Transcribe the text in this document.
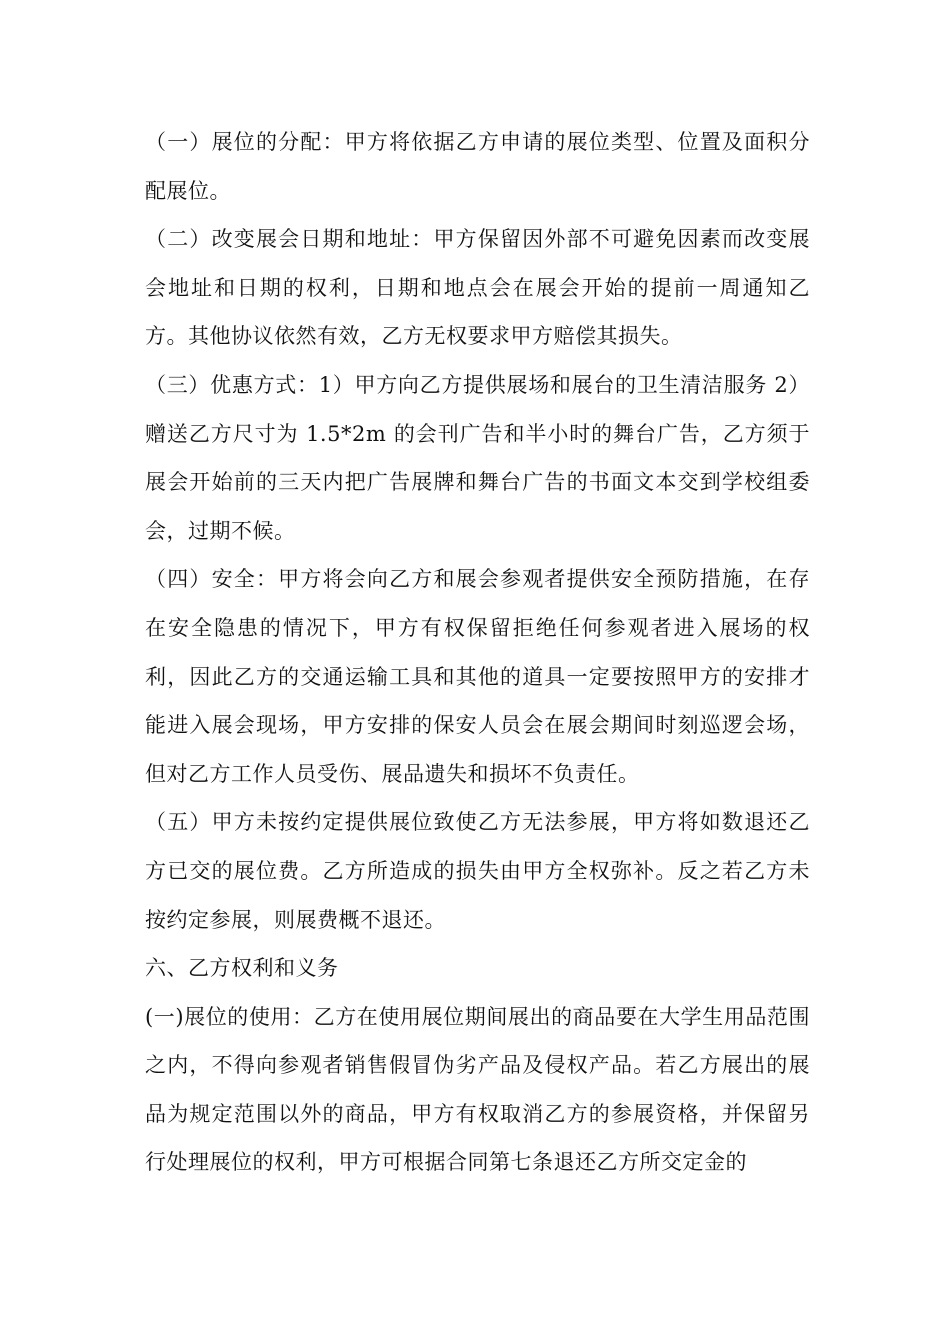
（一）展位的分配：甲方将依据乙方申请的展位类型、位置及面积分配展位。

（二）改变展会日期和地址：甲方保留因外部不可避免因素而改变展会地址和日期的权利，日期和地点会在展会开始的提前一周通知乙方。其他协议依然有效，乙方无权要求甲方赔偿其损失。

（三）优惠方式：1）甲方向乙方提供展场和展台的卫生清洁服务 2）赠送乙方尺寸为 1.5*2m 的会刊广告和半小时的舞台广告，乙方须于展会开始前的三天内把广告展牌和舞台广告的书面文本交到学校组委会，过期不候。

（四）安全：甲方将会向乙方和展会参观者提供安全预防措施，在存在安全隐患的情况下，甲方有权保留拒绝任何参观者进入展场的权利，因此乙方的交通运输工具和其他的道具一定要按照甲方的安排才能进入展会现场，甲方安排的保安人员会在展会期间时刻巡逻会场，但对乙方工作人员受伤、展品遗失和损坏不负责任。

（五）甲方未按约定提供展位致使乙方无法参展，甲方将如数退还乙方已交的展位费。乙方所造成的损失由甲方全权弥补。反之若乙方未按约定参展，则展费概不退还。

六、乙方权利和义务

(一)展位的使用：乙方在使用展位期间展出的商品要在大学生用品范围之内，不得向参观者销售假冒伪劣产品及侵权产品。若乙方展出的展品为规定范围以外的商品，甲方有权取消乙方的参展资格，并保留另行处理展位的权利，甲方可根据合同第七条退还乙方所交定金的
